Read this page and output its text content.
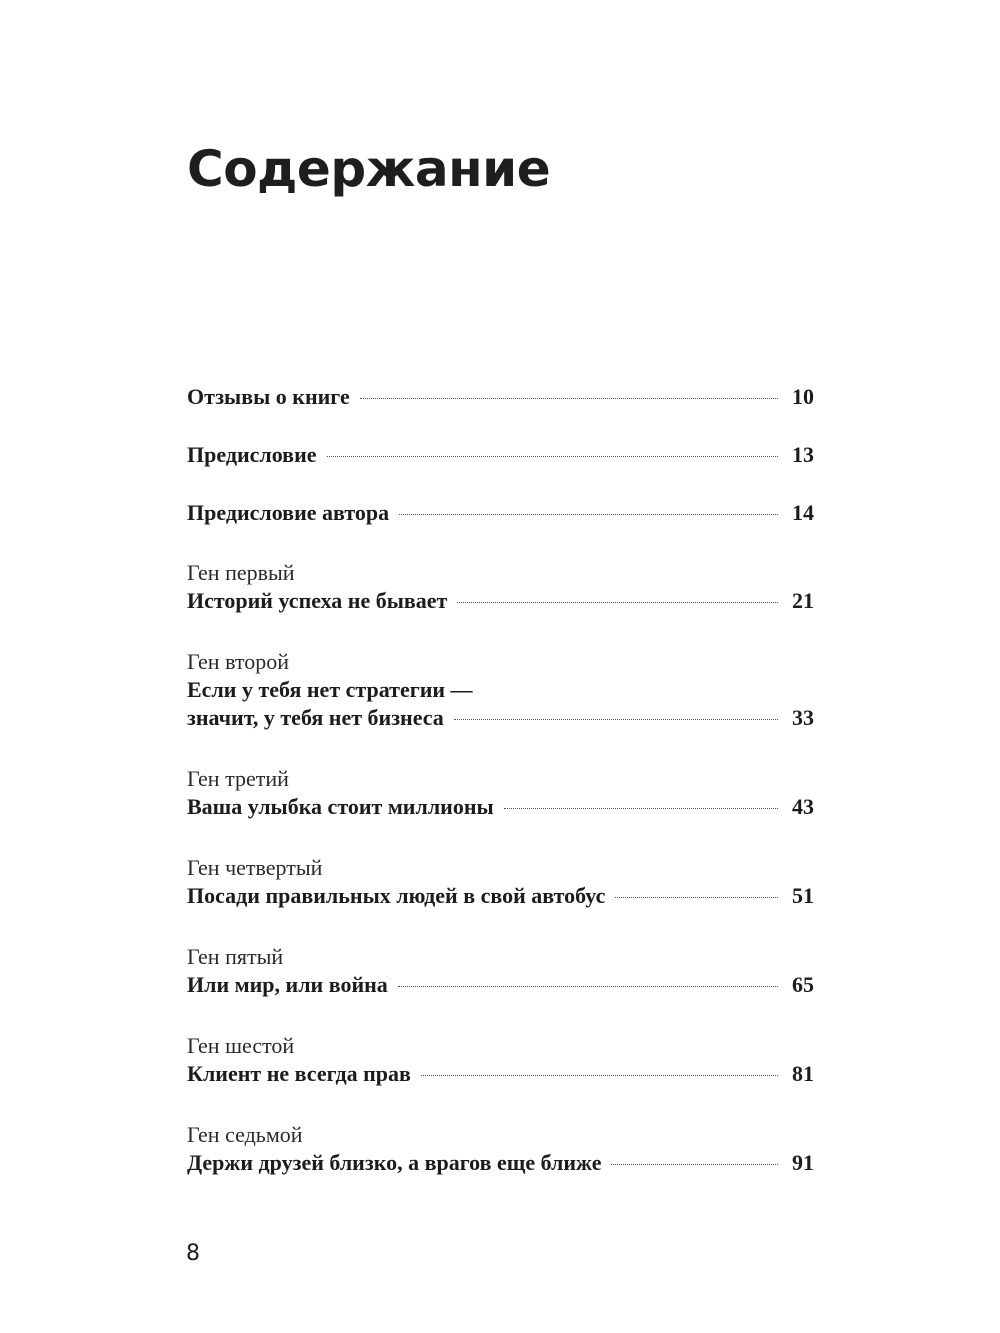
Содержание
Отзывы о книге	10
Предисловие	13
Предисловие автора	14
Ген первый
Историй успеха не бывает	21
Ген второй
Если у тебя нет стратегии —
значит, у тебя нет бизнеса	33
Ген третий
Ваша улыбка стоит миллионы	43
Ген четвертый
Посади правильных людей в свой автобус	51
Ген пятый
Или мир, или война	65
Ген шестой
Клиент не всегда прав	81
Ген седьмой
Держи друзей близко, а врагов еще ближе	91
8
